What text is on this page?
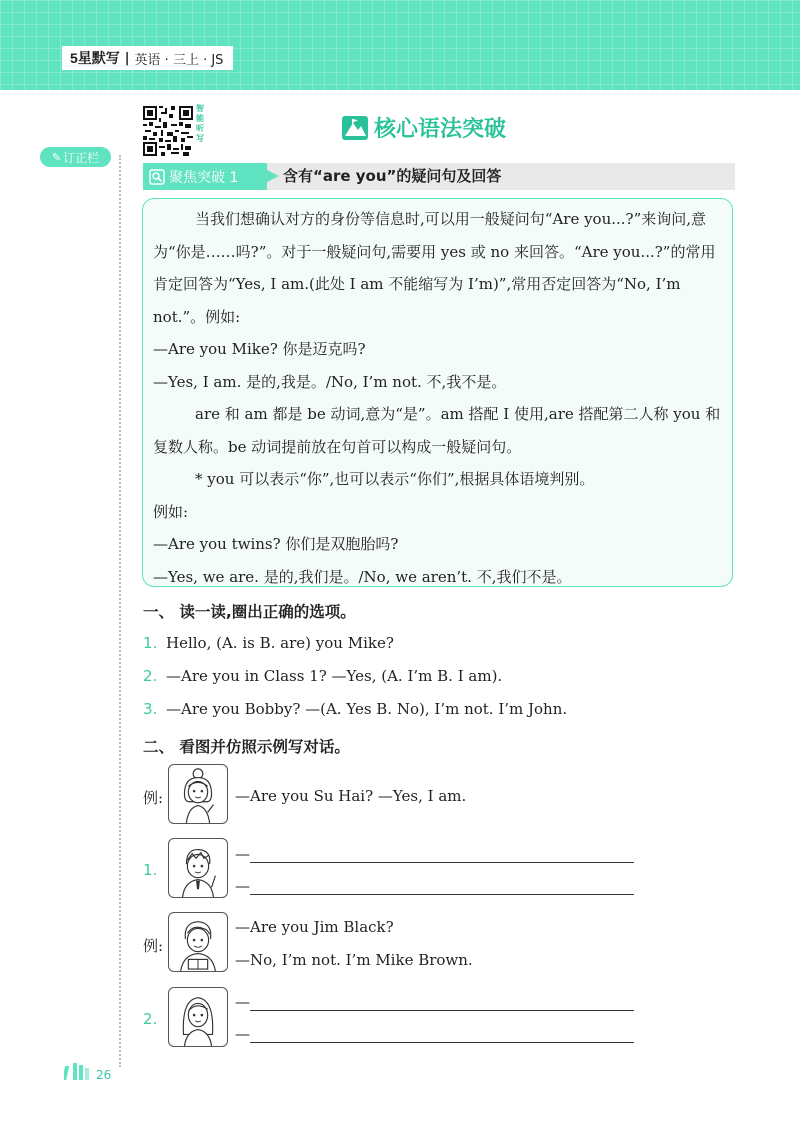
5星默写 | 英语 · 三上 · JS
✎ 订正栏
智能听写	核心语法突破
聚焦突破 1	含有“are you”的疑问句及回答

当我们想确认对方的身份等信息时,可以用一般疑问句“Are you...?”来询问,意为“你是……吗?”。对于一般疑问句,需要用 yes 或 no 来回答。“Are you...?”的常用肯定回答为“Yes, I am.(此处 I am 不能缩写为 I’m)”,常用否定回答为“No, I’m not.”。例如:

—Are you Mike? 你是迈克吗?

—Yes, I am. 是的,我是。/No, I’m not. 不,我不是。

are 和 am 都是 be 动词,意为“是”。am 搭配 I 使用,are 搭配第二人称 you 和复数人称。be 动词提前放在句首可以构成一般疑问句。

* you 可以表示“你”,也可以表示“你们”,根据具体语境判别。

例如:

—Are you twins? 你们是双胞胎吗?

—Yes, we are. 是的,我们是。/No, we aren’t. 不,我们不是。

一、 读一读,圈出正确的选项。
1. Hello, (A. is B. are) you Mike?
2. —Are you in Class 1? —Yes, (A. I’m B. I am).
3. —Are you Bobby? —(A. Yes B. No), I’m not. I’m John.
二、 看图并仿照示例写对话。
例:	—Are you Su Hai? —Yes, I am.
1.
—
—
例:
—Are you Jim Black?
—No, I’m not. I’m Mike Brown.
2.
—
—
26
